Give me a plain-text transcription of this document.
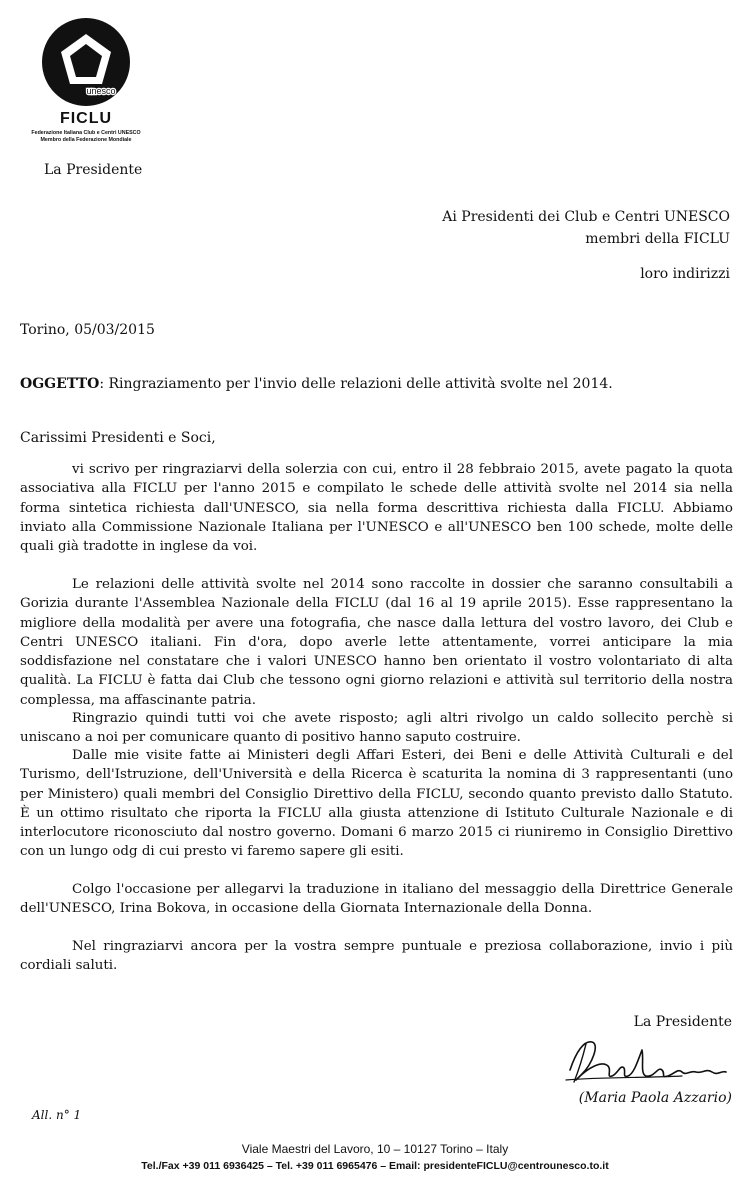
unesco
FICLU
Federazione Italiana Club e Centri UNESCO
Membro della Federazione Mondiale
La Presidente
Ai Presidenti dei Club e Centri UNESCO
membri della FICLU
loro indirizzi
Torino, 05/03/2015
OGGETTO: Ringraziamento per l'invio delle relazioni delle attività svolte nel 2014.
Carissimi Presidenti e Soci,
vi scrivo per ringraziarvi della solerzia con cui, entro il 28 febbraio 2015, avete pagato la quota associativa alla FICLU per l'anno 2015 e compilato le schede delle attività svolte nel 2014 sia nella forma sintetica richiesta dall'UNESCO, sia nella forma descrittiva richiesta dalla FICLU. Abbiamo inviato alla Commissione Nazionale Italiana per l'UNESCO e all'UNESCO ben 100 schede, molte delle quali già tradotte in inglese da voi.
Le relazioni delle attività svolte nel 2014 sono raccolte in dossier che saranno consultabili a Gorizia durante l'Assemblea Nazionale della FICLU (dal 16 al 19 aprile 2015). Esse rappresentano la migliore della modalità per avere una fotografia, che nasce dalla lettura del vostro lavoro, dei Club e Centri UNESCO italiani. Fin d'ora, dopo averle lette attentamente, vorrei anticipare la mia soddisfazione nel constatare che i valori UNESCO hanno ben orientato il vostro volontariato di alta qualità. La FICLU è fatta dai Club che tessono ogni giorno relazioni e attività sul territorio della nostra complessa, ma affascinante patria.
Ringrazio quindi tutti voi che avete risposto; agli altri rivolgo un caldo sollecito perchè si uniscano a noi per comunicare quanto di positivo hanno saputo costruire.
Dalle mie visite fatte ai Ministeri degli Affari Esteri, dei Beni e delle Attività Culturali e del Turismo, dell'Istruzione, dell'Università e della Ricerca è scaturita la nomina di 3 rappresentanti (uno per Ministero) quali membri del Consiglio Direttivo della FICLU, secondo quanto previsto dallo Statuto. È un ottimo risultato che riporta la FICLU alla giusta attenzione di Istituto Culturale Nazionale e di interlocutore riconosciuto dal nostro governo. Domani 6 marzo 2015 ci riuniremo in Consiglio Direttivo con un lungo odg di cui presto vi faremo sapere gli esiti.
Colgo l'occasione per allegarvi la traduzione in italiano del messaggio della Direttrice Generale dell'UNESCO, Irina Bokova, in occasione della Giornata Internazionale della Donna.
Nel ringraziarvi ancora per la vostra sempre puntuale e preziosa collaborazione, invio i più cordiali saluti.
La Presidente
(Maria Paola Azzario)
All. n° 1
Viale Maestri del Lavoro, 10 – 10127 Torino – Italy
Tel./Fax +39 011 6936425 – Tel. +39 011 6965476 – Email: presidenteFICLU@centrounesco.to.it
